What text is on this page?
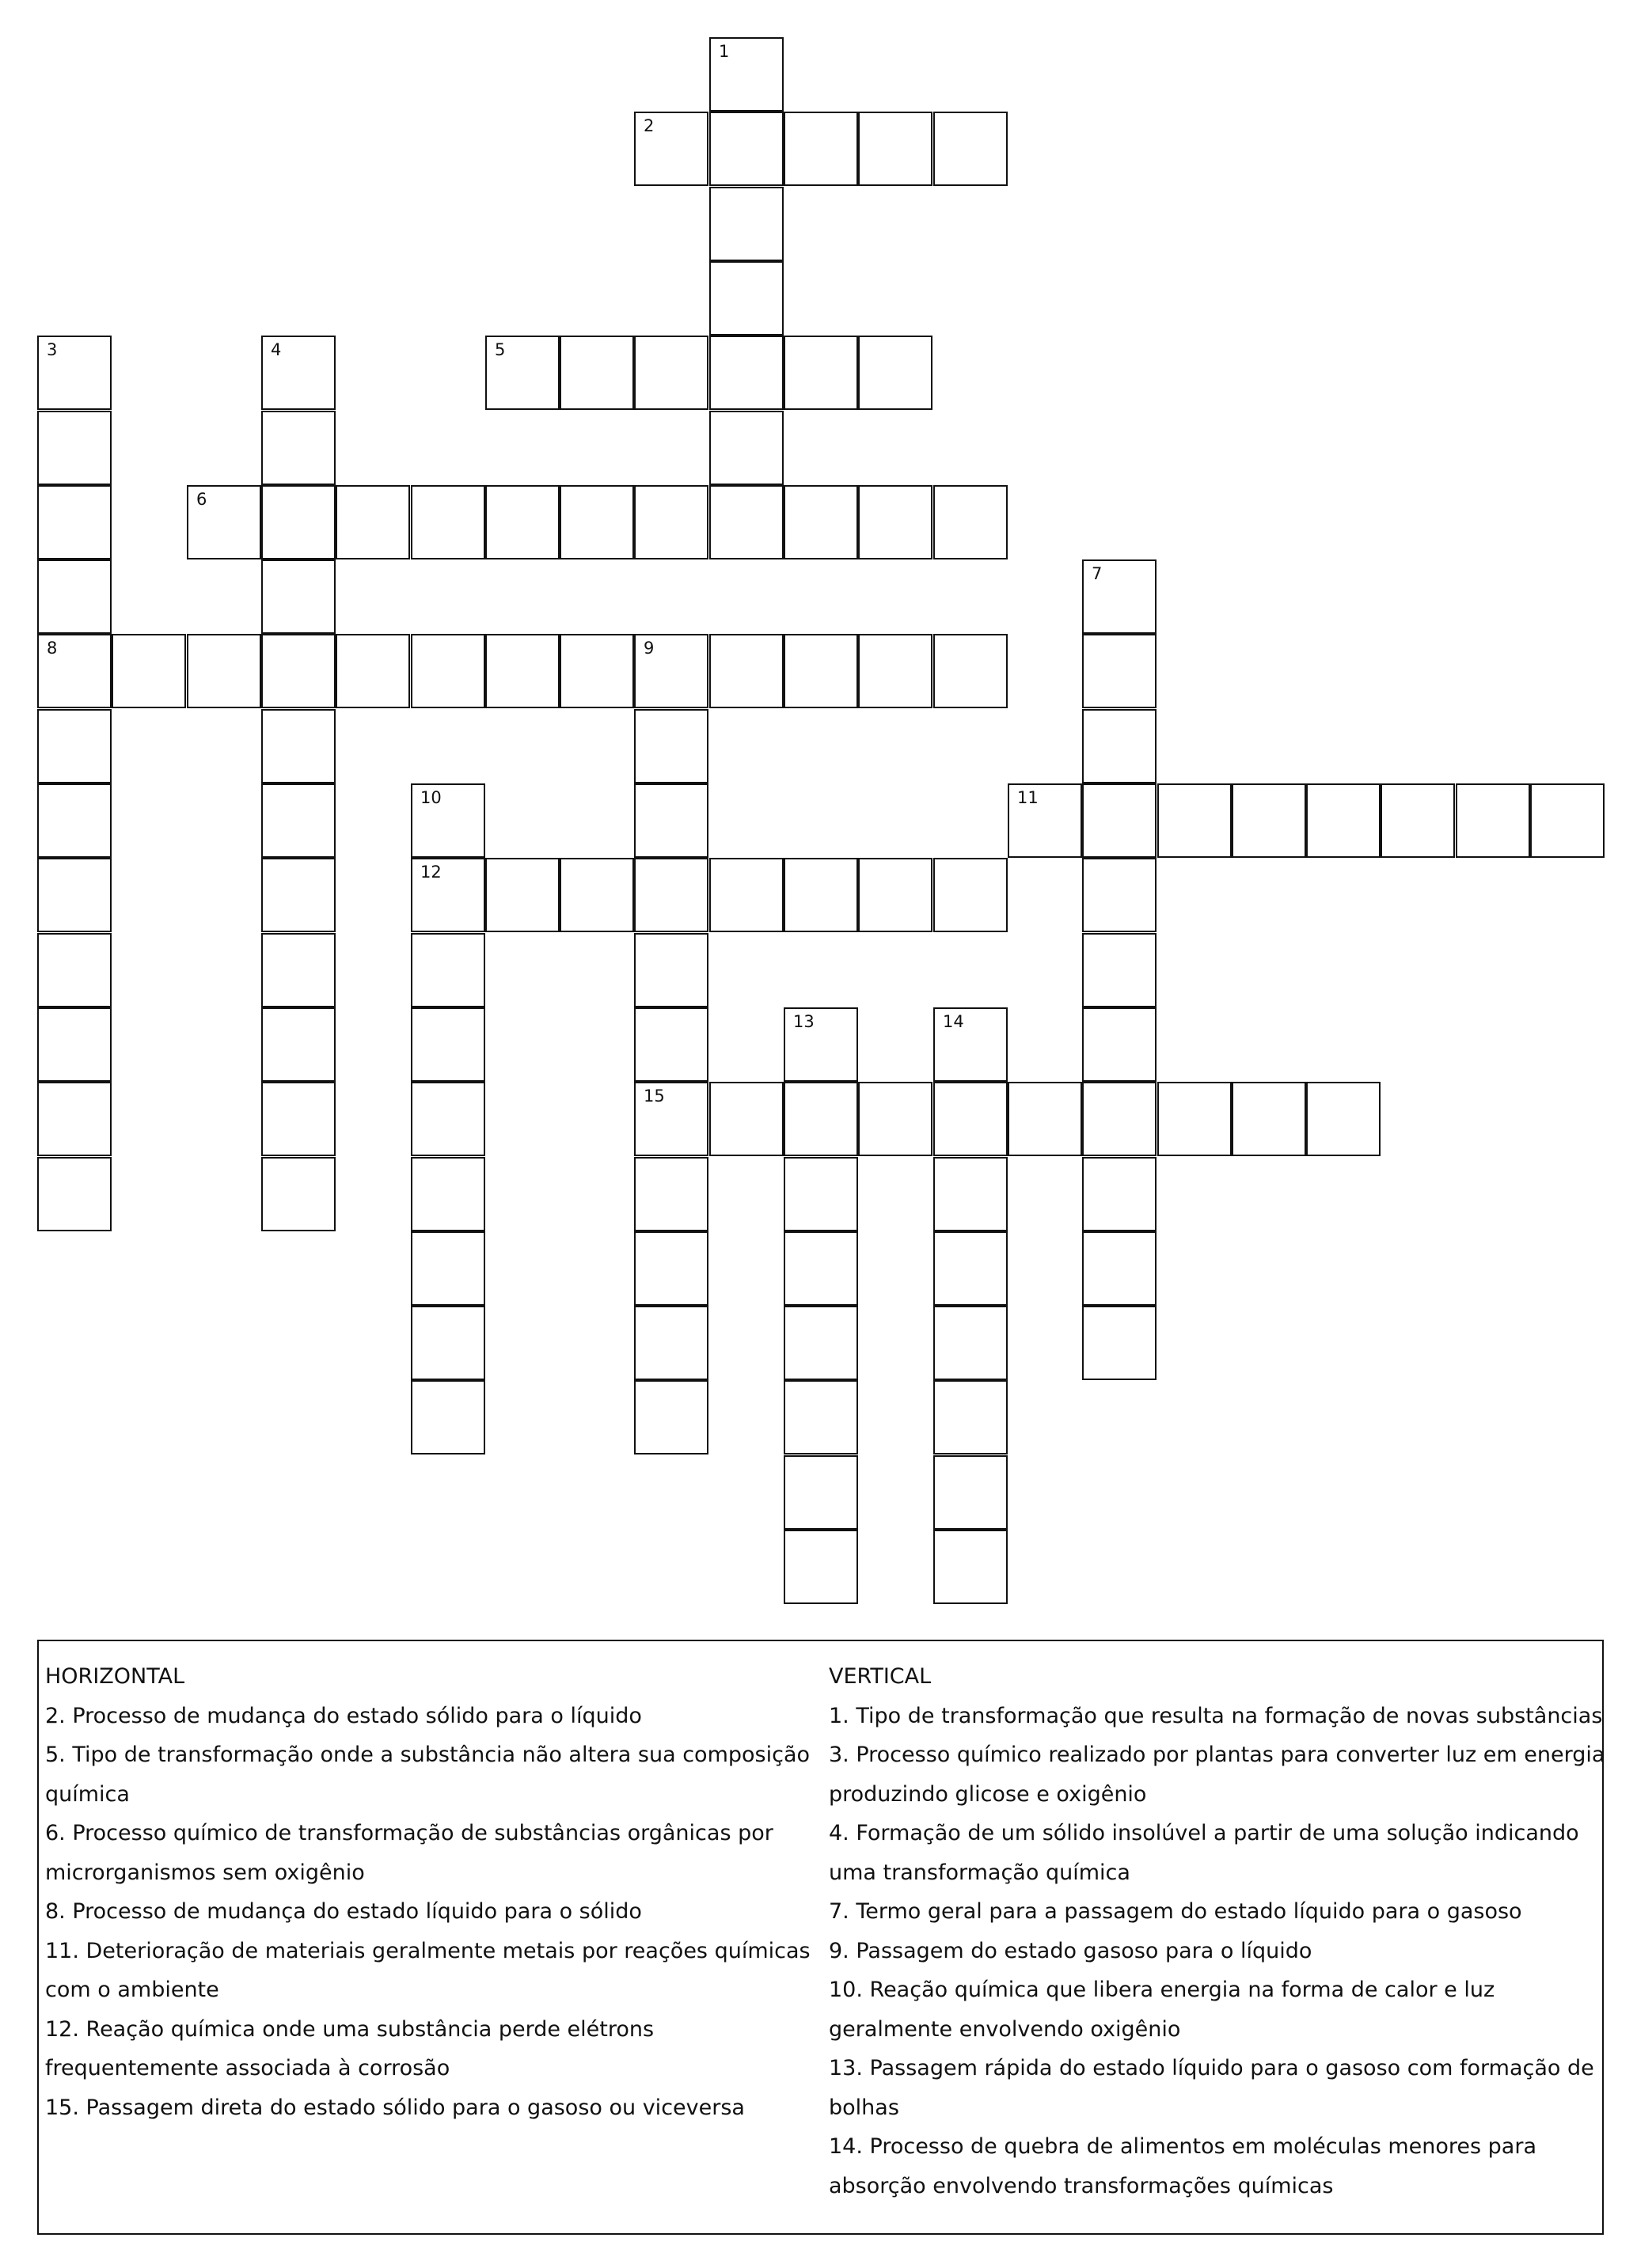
1
2
3	4	5
6
7
8	9
10	11
12
13	14
15
HORIZONTAL
2. Processo de mudança do estado sólido para o líquido
5. Tipo de transformação onde a substância não altera sua composição
química
6. Processo químico de transformação de substâncias orgânicas por
microrganismos sem oxigênio
8. Processo de mudança do estado líquido para o sólido
11. Deterioração de materiais geralmente metais por reações químicas
com o ambiente
12. Reação química onde uma substância perde elétrons
frequentemente associada à corrosão
15. Passagem direta do estado sólido para o gasoso ou viceversa
VERTICAL
1. Tipo de transformação que resulta na formação de novas substâncias
3. Processo químico realizado por plantas para converter luz em energia
produzindo glicose e oxigênio
4. Formação de um sólido insolúvel a partir de uma solução indicando
uma transformação química
7. Termo geral para a passagem do estado líquido para o gasoso
9. Passagem do estado gasoso para o líquido
10. Reação química que libera energia na forma de calor e luz
geralmente envolvendo oxigênio
13. Passagem rápida do estado líquido para o gasoso com formação de
bolhas
14. Processo de quebra de alimentos em moléculas menores para
absorção envolvendo transformações químicas
